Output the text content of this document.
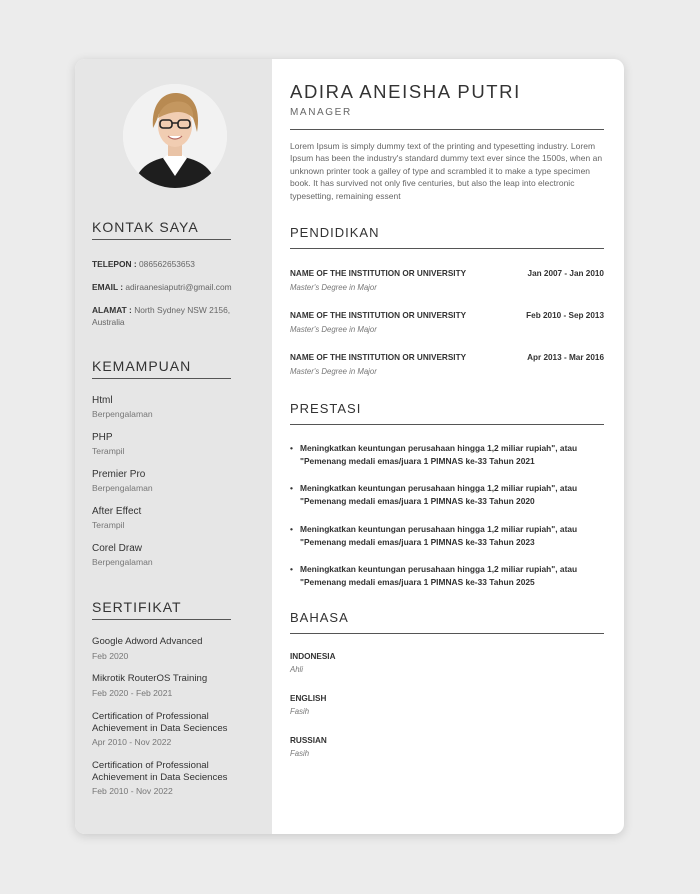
KONTAK SAYA
TELEPON : 086562653653
EMAIL : adiraanesiaputri@gmail.com
ALAMAT : North Sydney NSW 2156, Australia
KEMAMPUAN
Html
Berpengalaman
PHP
Terampil
Premier Pro
Berpengalaman
After Effect
Terampil
Corel Draw
Berpengalaman
SERTIFIKAT
Google Adword Advanced
Feb 2020
Mikrotik RouterOS Training
Feb 2020 - Feb 2021
Certification of Professional Achievement in Data Seciences
Apr 2010 - Nov 2022
Certification of Professional Achievement in Data Seciences
Feb 2010 - Nov 2022
ADIRA ANEISHA PUTRI
MANAGER
Lorem Ipsum is simply dummy text of the printing and typesetting industry. Lorem Ipsum has been the industry's standard dummy text ever since the 1500s, when an unknown printer took a galley of type and scrambled it to make a type specimen book. It has survived not only five centuries, but also the leap into electronic typesetting, remaining essent
PENDIDIKAN
NAME OF THE INSTITUTION OR UNIVERSITY	Jan 2007 - Jan 2010
Master's Degree in Major
NAME OF THE INSTITUTION OR UNIVERSITY	Feb 2010 - Sep 2013
Master's Degree in Major
NAME OF THE INSTITUTION OR UNIVERSITY	Apr 2013 - Mar 2016
Master's Degree in Major
PRESTASI
• Meningkatkan keuntungan perusahaan hingga 1,2 miliar rupiah", atau "Pemenang medali emas/juara 1 PIMNAS ke-33 Tahun 2021
• Meningkatkan keuntungan perusahaan hingga 1,2 miliar rupiah", atau "Pemenang medali emas/juara 1 PIMNAS ke-33 Tahun 2020
• Meningkatkan keuntungan perusahaan hingga 1,2 miliar rupiah", atau "Pemenang medali emas/juara 1 PIMNAS ke-33 Tahun 2023
• Meningkatkan keuntungan perusahaan hingga 1,2 miliar rupiah", atau "Pemenang medali emas/juara 1 PIMNAS ke-33 Tahun 2025
BAHASA
INDONESIA
Ahli
ENGLISH
Fasih
RUSSIAN
Fasih
